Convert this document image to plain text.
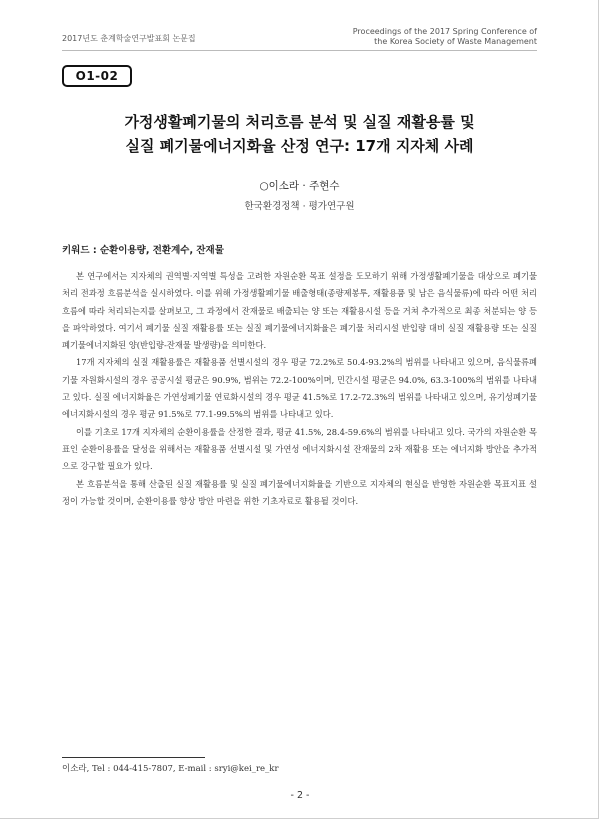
2017년도 춘계학술연구발표회 논문집
Proceedings of the 2017 Spring Conference of
the Korea Society of Waste Management
O1-02
가정생활폐기물의 처리흐름 분석 및 실질 재활용률 및
실질 폐기물에너지화율 산정 연구: 17개 지자체 사례
○이소라 · 주현수
한국환경정책 · 평가연구원
키워드 : 순환이용량, 전환계수, 잔재물

본 연구에서는 지자체의 권역별·지역별 특성을 고려한 자원순환 목표 설정을 도모하기 위해 가정생활폐기물을 대상으로 폐기물 처리 전과정 흐름분석을 실시하였다. 이를 위해 가정생활폐기물 배출형태(종량제봉투, 재활용품 및 남은 음식물류)에 따라 어떤 처리흐름에 따라 처리되는지를 살펴보고, 그 과정에서 잔재물로 배출되는 양 또는 재활용시설 등을 거쳐 추가적으로 최종 처분되는 양 등을 파악하였다. 여기서 폐기물 실질 재활용률 또는 실질 폐기물에너지화율은 폐기물 처리시설 반입량 대비 실질 재활용량 또는 실질 폐기물에너지화된 양(반입량-잔재물 발생량)을 의미한다.

17개 지자체의 실질 재활용률은 재활용품 선별시설의 경우 평균 72.2%로 50.4-93.2%의 범위를 나타내고 있으며, 음식물류폐기물 자원화시설의 경우 공공시설 평균은 90.9%, 범위는 72.2-100%이며, 민간시설 평균은 94.0%, 63.3-100%의 범위를 나타내고 있다. 실질 에너지화율은 가연성폐기물 연료화시설의 경우 평균 41.5%로 17.2-72.3%의 범위를 나타내고 있으며, 유기성폐기물 에너지화시설의 경우 평균 91.5%로 77.1-99.5%의 범위를 나타내고 있다.

이를 기초로 17개 지자체의 순환이용률을 산정한 결과, 평균 41.5%, 28.4-59.6%의 범위를 나타내고 있다. 국가의 자원순환 목표인 순환이용률을 달성을 위해서는 재활용품 선별시설 및 가연성 에너지화시설 잔재물의 2차 재활용 또는 에너지화 방안을 추가적으로 강구할 필요가 있다.

본 흐름분석을 통해 산출된 실질 재활용률 및 실질 폐기물에너지화율을 기반으로 지자체의 현실을 반영한 자원순환 목표지표 설정이 가능할 것이며, 순환이용률 향상 방안 마련을 위한 기초자료로 활용될 것이다.

이소라, Tel : 044-415-7807, E-mail : sryi@kei_re_kr
- 2 -
